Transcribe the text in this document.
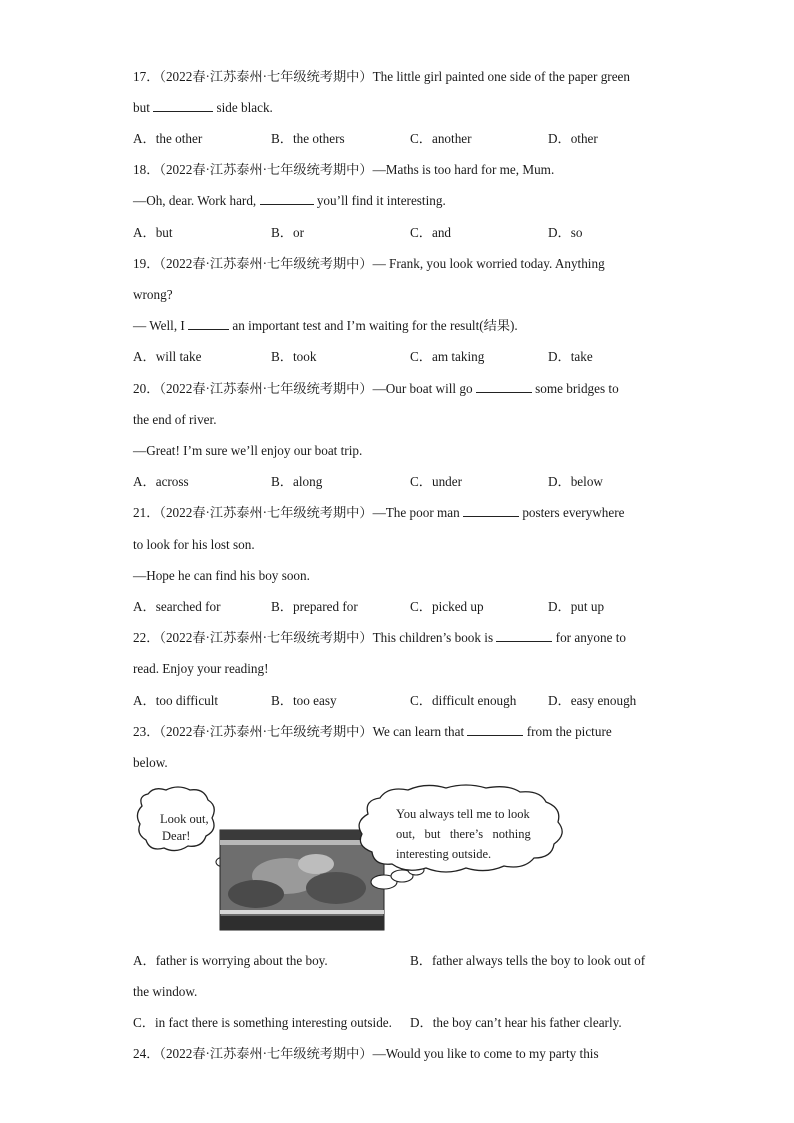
17．（2022春·江苏泰州·七年级统考期中）The little girl painted one side of the paper green
but	side black.
A．the other	B．the others	C．another	D．other
18．（2022春·江苏泰州·七年级统考期中）—Maths is too hard for me, Mum.
—Oh, dear. Work hard,	you’ll find it interesting.
A．but	B．or	C．and	D．so
19．（2022春·江苏泰州·七年级统考期中）— Frank, you look worried today. Anything
wrong?
— Well, I	an important test and I’m waiting for the result(结果).
A．will take	B．took	C．am taking	D．take
20．（2022春·江苏泰州·七年级统考期中）—Our boat will go	some bridges to
the end of river.
—Great! I’m sure we’ll enjoy our boat trip.
A．across	B．along	C．under	D．below
21．（2022春·江苏泰州·七年级统考期中）—The poor man	posters everywhere
to look for his lost son.
—Hope he can find his boy soon.
A．searched for	B．prepared for	C．picked up	D．put up
22．（2022春·江苏泰州·七年级统考期中）This children’s book is	for anyone to
read. Enjoy your reading!
A．too difficult	B．too easy	C．difficult enough D．easy enough
23．（2022春·江苏泰州·七年级统考期中）We can learn that	from the picture
below.
Look out,
Dear!
You always tell me to look
out,   but   there’s   nothing
interesting outside.
A．father is worrying about the boy.	B．father always tells the boy to look out of
the window.
C．in fact there is something interesting outside. D．the boy can’t hear his father clearly.
24．（2022春·江苏泰州·七年级统考期中）—Would you like to come to my party this
